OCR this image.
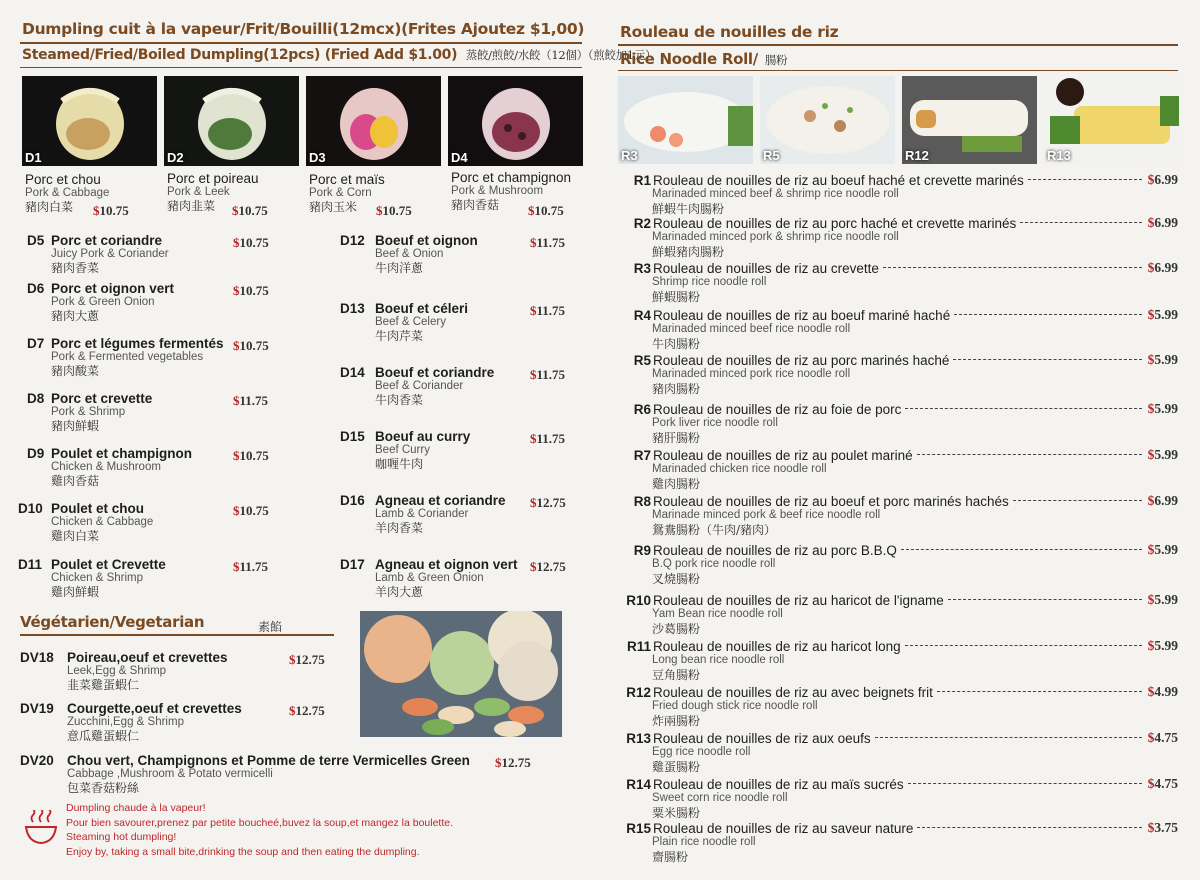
Dumpling cuit à la vapeur/Frit/Bouilli(12mcx)(Frites Ajoutez $1,00)
Steamed/Fried/Boiled Dumpling(12pcs) (Fried Add $1.00) 蒸餃/煎餃/水餃（12個）（煎餃加1元）
D1	D2	D3	D4
Porc et chou
Pork & Cabbage
豬肉白菜	$10.75
Porc et poireau
Pork & Leek
豬肉韭菜	$10.75
Porc et maïs
Pork & Corn
豬肉玉米	$10.75
Porc et champignon
Pork & Mushroom
豬肉香菇	$10.75
D5 Porc et coriandre
Juicy Pork & Coriander
豬肉香菜
$10.75
D6 Porc et oignon vert
Pork & Green Onion
豬肉大蔥
$10.75
D7 Porc et légumes fermentés
Pork & Fermented vegetables
豬肉酸菜
$10.75
D8 Porc et crevette
Pork & Shrimp
豬肉鮮蝦
$11.75
D9 Poulet et champignon
Chicken & Mushroom
雞肉香菇
$10.75
D10 Poulet et chou
Chicken & Cabbage
雞肉白菜
$10.75
D11 Poulet et Crevette
Chicken & Shrimp
雞肉鮮蝦
$11.75
D12 Boeuf et oignon
Beef & Onion
牛肉洋蔥
$11.75
D13 Boeuf et céleri
Beef & Celery
牛肉芹菜
$11.75
D14 Boeuf et coriandre
Beef & Coriander
牛肉香菜
$11.75
D15 Boeuf au curry
Beef Curry
咖喱牛肉
$11.75
D16 Agneau et coriandre
Lamb & Coriander
羊肉香菜
$12.75
D17 Agneau et oignon vert
Lamb & Green Onion
羊肉大蔥
$12.75
Végétarien/Vegetarian	素餡
DV18 Poireau,oeuf et crevettes
Leek,Egg & Shrimp
韭菜雞蛋蝦仁
$12.75
DV19 Courgette,oeuf et crevettes
Zucchini,Egg & Shrimp
意瓜雞蛋蝦仁
$12.75
DV20 Chou vert, Champignons et Pomme de terre Vermicelles Green
Cabbage ,Mushroom & Potato vermicelli
包菜香菇粉絲
$12.75
Dumpling chaude à la vapeur!
Pour bien savourer,prenez par petite boucheé,buvez la soup,et mangez la boulette.
Steaming hot dumpling!
Enjoy by, taking a small bite,drinking the soup and then eating the dumpling.
Rouleau de nouilles de riz
Rice Noodle Roll/ 腸粉
R3	R5	R12	R13
R1 Rouleau de nouilles de riz au boeuf haché et crevette marinés	$6.99
Marinaded minced beef & shrimp rice noodle roll
鮮蝦牛肉腸粉
R2 Rouleau de nouilles de riz au porc haché et crevette marinés	$6.99
Marinaded minced pork & shrimp rice noodle roll
鮮蝦豬肉腸粉
R3 Rouleau de nouilles de riz au crevette	$6.99
Shrimp rice noodle roll
鮮蝦腸粉
R4 Rouleau de nouilles de riz au boeuf mariné haché	$5.99
Marinaded minced beef rice noodle roll
牛肉腸粉
R5 Rouleau de nouilles de riz au porc marinés haché	$5.99
Marinaded minced pork rice noodle roll
豬肉腸粉
R6 Rouleau de nouilles de riz au foie de porc	$5.99
Pork liver rice noodle roll
豬肝腸粉
R7 Rouleau de nouilles de riz au poulet mariné	$5.99
Marinaded chicken rice noodle roll
雞肉腸粉
R8 Rouleau de nouilles de riz au boeuf et porc marinés hachés	$6.99
Marinade minced pork & beef rice noodle roll
鴛鴦腸粉（牛肉/豬肉）
R9 Rouleau de nouilles de riz au porc B.B.Q	$5.99
B.Q pork rice noodle roll
叉燒腸粉
R10 Rouleau de nouilles de riz au haricot de l'igname	$5.99
Yam Bean rice noodle roll
沙葛腸粉
R11 Rouleau de nouilles de riz au haricot long	$5.99
Long bean rice noodle roll
豆角腸粉
R12 Rouleau de nouilles de riz au avec beignets frit	$4.99
Fried dough stick rice noodle roll
炸兩腸粉
R13 Rouleau de nouilles de riz aux oeufs	$4.75
Egg rice noodle roll
雞蛋腸粉
R14 Rouleau de nouilles de riz au maïs sucrés	$4.75
Sweet corn rice noodle roll
粟米腸粉
R15 Rouleau de nouilles de riz au saveur nature	$3.75
Plain rice noodle roll
齋腸粉
